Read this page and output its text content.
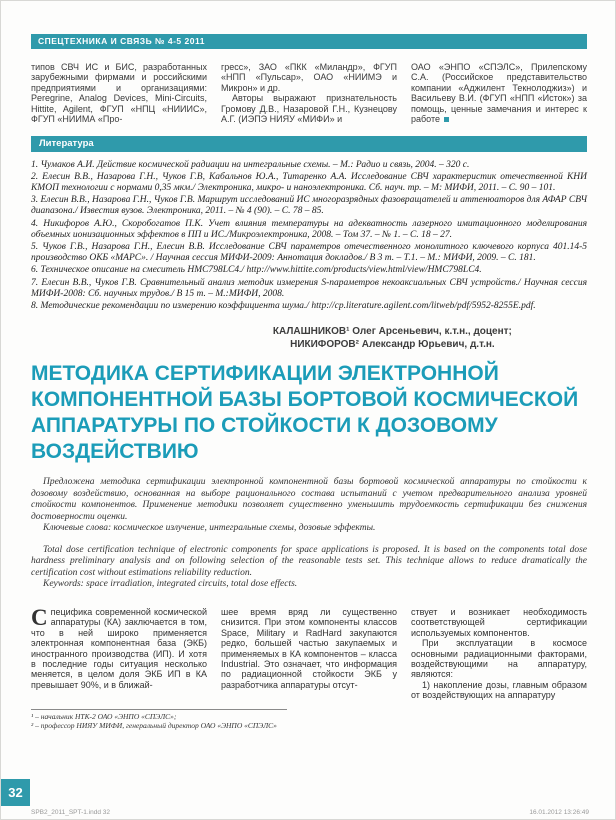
СПЕЦТЕХНИКА И СВЯЗЬ № 4-5 2011

типов СВЧ ИС и БИС, разработанных зарубежными фирмами и российскими предприятиями и организациями: Peregrine, Analog Devices, Mini-Circuits, Hittite, Agilent, ФГУП «НПЦ «НИИИС», ФГУП «НИИМА «Про-

гресс», ЗАО «ПКК «Миландр», ФГУП «НПП «Пульсар», ОАО «НИИМЭ и Микрон» и др.

Авторы выражают признательность Громову Д.В., Назаровой Г.Н., Кузнецову А.Г. (ИЭПЭ НИЯУ «МИФИ» и

ОАО «ЭНПО «СПЭЛС», Прилепскому С.А. (Российское представительство компании «Аджилент Текнолоджиз») и Васильеву В.И. (ФГУП «НПП «Исток») за помощь, ценные замечания и интерес к работе

Литература

1. Чумаков А.И. Действие космической радиации на интегральные схемы. – М.: Радио и связь, 2004. – 320 с.

2. Елесин В.В., Назарова Г.Н., Чуков Г.В, Кабальнов Ю.А., Титаренко А.А. Исследование СВЧ характеристик отечественной КНИ КМОП технологии с нормами 0,35 мкм./ Электроника, микро- и наноэлектроника. Сб. науч. тр. – М: МИФИ, 2011. – С. 90 – 101.

3. Елесин В.В., Назарова Г.Н., Чуков Г.В. Маршрут исследований ИС многоразрядных фазовращателей и аттенюаторов для АФАР СВЧ диапазона./ Известия вузов. Электроника, 2011. – № 4 (90). – С. 78 – 85.

4. Никифоров А.Ю., Скоробогатов П.К. Учет влияния температуры на адекватность лазерного имитационного моделирования объемных ионизационных эффектов в ПП и ИС./Микроэлектроника, 2008. – Том 37. – № 1. – С. 18 – 27.

5. Чуков Г.В., Назарова Г.Н., Елесин В.В. Исследование СВЧ параметров отечественного монолитного ключевого корпуса 401.14-5 производство ОКБ «МАРС». / Научная сессия МИФИ-2009: Аннотация докладов./ В 3 т. – Т.1. – М.: МИФИ, 2009. – С. 181.

6. Техническое описание на смеситель HMC798LC4./ http://www.hittite.com/products/view.html/view/HMC798LC4.

7. Елесин В.В., Чуков Г.В. Сравнительный анализ методик измерения S-параметров некоаксиальных СВЧ устройств./ Научная сессия МИФИ-2008: Сб. научных трудов./ В 15 т. – М.:МИФИ, 2008.

8. Методические рекомендации по измерению коэффициента шума./ http://cp.literature.agilent.com/litweb/pdf/5952-8255E.pdf.

КАЛАШНИКОВ¹ Олег Арсеньевич, к.т.н., доцент;
НИКИФОРОВ² Александр Юрьевич, д.т.н.
МЕТОДИКА СЕРТИФИКАЦИИ ЭЛЕКТРОННОЙ КОМПОНЕНТНОЙ БАЗЫ БОРТОВОЙ КОСМИЧЕСКОЙ АППАРАТУРЫ ПО СТОЙКОСТИ К ДОЗОВОМУ ВОЗДЕЙСТВИЮ

Предложена методика сертификации электронной компонентной базы бортовой космической аппаратуры по стойкости к дозовому воздействию, основанная на выборе рационального состава испытаний с учетом предварительного анализа уровней стойкости компонентов. Применение методики позволяет существенно уменьшить трудоемкость сертификации без снижения достоверности оценки.

Ключевые слова: космическое излучение, интегральные схемы, дозовые эффекты.

Total dose certification technique of electronic components for space applications is proposed. It is based on the components total dose hardness preliminary analysis and on following selection of the reasonable tests set. This technique allows to reduce dramatically the certification cost without estimations reliability reduction.

Keywords: space irradiation, integrated circuits, total dose effects.

Специфика современной космической аппаратуры (КА) заключается в том, что в ней широко применяется электронная компонентная база (ЭКБ) иностранного производства (ИП). И хотя в последние годы ситуация несколько меняется, в целом доля ЭКБ ИП в КА превышает 90%, и в ближай-

шее время вряд ли существенно снизится. При этом компоненты классов Space, Military и RadHard закупаются редко, большей частью закупаемых и применяемых в КА компонентов – класса Industrial. Это означает, что информация по радиационной стойкости ЭКБ у разработчика аппаратуры отсут-

ствует и возникает необходимость соответствующей сертификации используемых компонентов.

При эксплуатации в космосе основными радиационными факторами, воздействующими на аппаратуру, являются:

1) накопление дозы, главным образом от воздействующих на аппаратуру

¹ – начальник НТК-2 ОАО «ЭНПО «СПЭЛС»;
² – профессор НИЯУ МИФИ, генеральный директор ОАО «ЭНПО «СПЭЛС»
32
SPB2_2011_SPT-1.indd 32	16.01.2012 13:26:49
